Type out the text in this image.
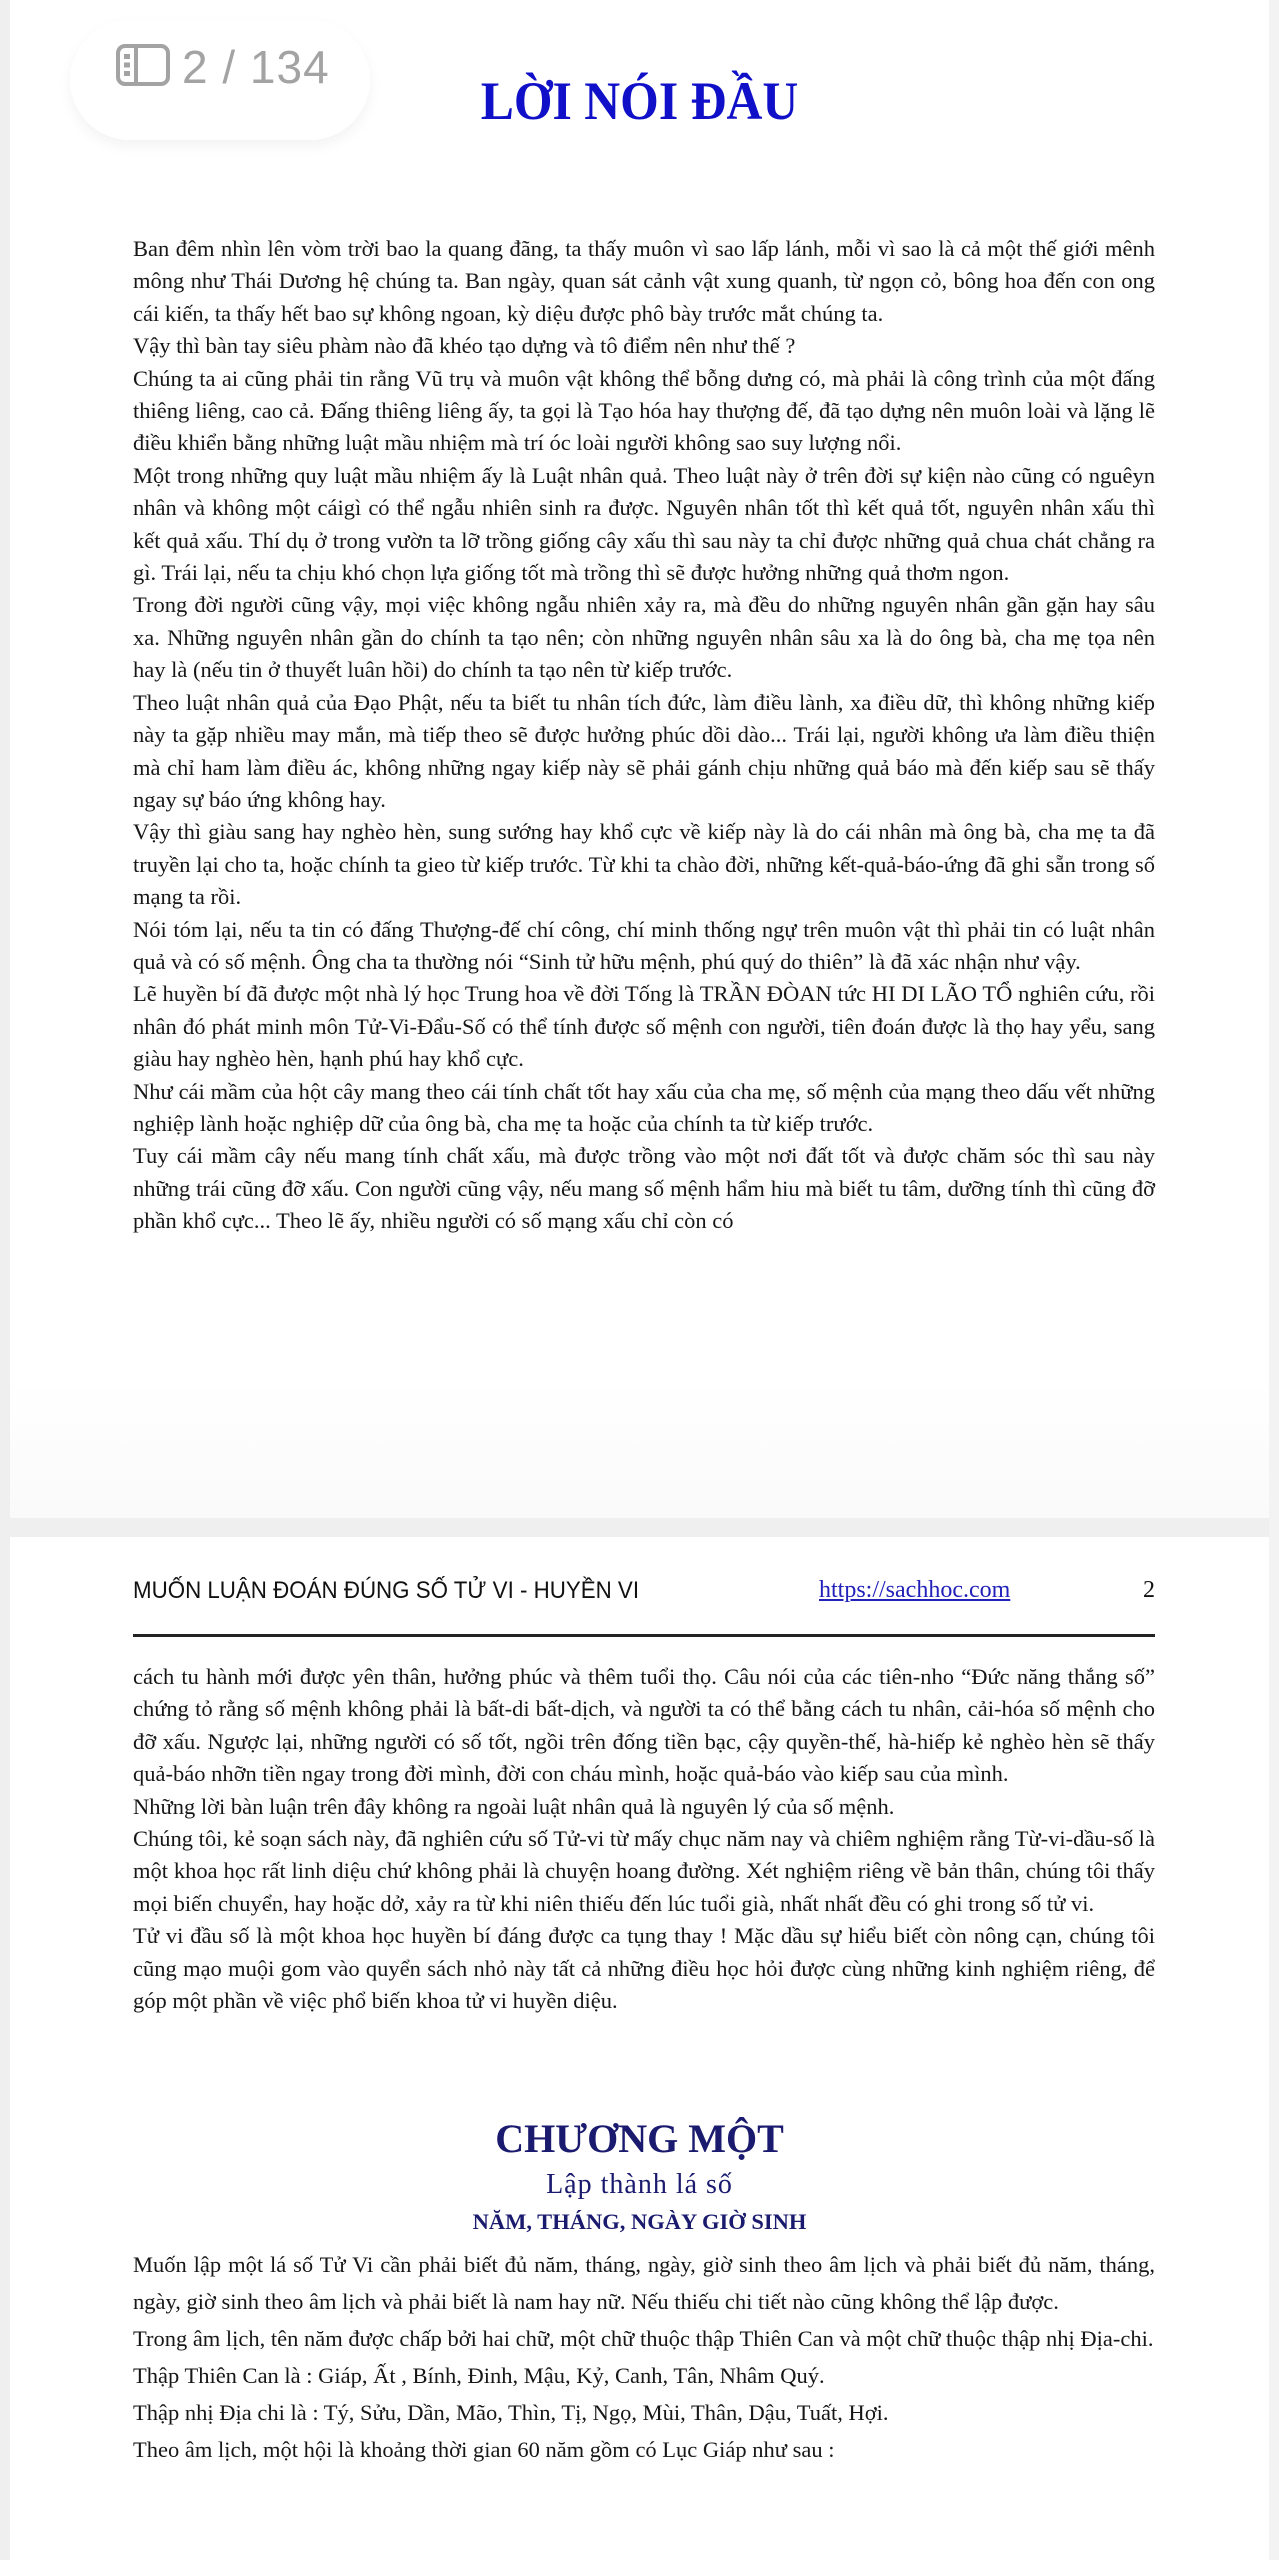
2 / 134
LỜI NÓI ĐẦU

Ban đêm nhìn lên vòm trời bao la quang đãng, ta thấy muôn vì sao lấp lánh, mỗi vì sao là cả một thế giới mênh mông như Thái Dương hệ chúng ta. Ban ngày, quan sát cảnh vật xung quanh, từ ngọn cỏ, bông hoa đến con ong cái kiến, ta thấy hết bao sự không ngoan, kỳ diệu được phô bày trước mắt chúng ta.

Vậy thì bàn tay siêu phàm nào đã khéo tạo dựng và tô điểm nên như thế ?

Chúng ta ai cũng phải tin rằng Vũ trụ và muôn vật không thể bỗng dưng có, mà phải là công trình của một đấng thiêng liêng, cao cả. Đấng thiêng liêng ấy, ta gọi là Tạo hóa hay thượng đế, đã tạo dựng nên muôn loài và lặng lẽ điều khiển bằng những luật mầu nhiệm mà trí óc loài người không sao suy lượng nổi.

Một trong những quy luật mầu nhiệm ấy là Luật nhân quả. Theo luật này ở trên đời sự kiện nào cũng có nguêyn nhân và không một cáigì có thể ngẫu nhiên sinh ra được. Nguyên nhân tốt thì kết quả tốt, nguyên nhân xấu thì kết quả xấu. Thí dụ ở trong vườn ta lỡ trồng giống cây xấu thì sau này ta chỉ được những quả chua chát chẳng ra gì. Trái lại, nếu ta chịu khó chọn lựa giống tốt mà trồng thì sẽ được hưởng những quả thơm ngon.

Trong đời người cũng vậy, mọi việc không ngẫu nhiên xảy ra, mà đều do những nguyên nhân gần gặn hay sâu xa. Những nguyên nhân gần do chính ta tạo nên; còn những nguyên nhân sâu xa là do ông bà, cha mẹ tọa nên hay là (nếu tin ở thuyết luân hồi) do chính ta tạo nên từ kiếp trước.

Theo luật nhân quả của Đạo Phật, nếu ta biết tu nhân tích đức, làm điều lành, xa điều dữ, thì không những kiếp này ta gặp nhiều may mắn, mà tiếp theo sẽ được hưởng phúc dồi dào... Trái lại, người không ưa làm điều thiện mà chỉ ham làm điều ác, không những ngay kiếp này sẽ phải gánh chịu những quả báo mà đến kiếp sau sẽ thấy ngay sự báo ứng không hay.

Vậy thì giàu sang hay nghèo hèn, sung sướng hay khổ cực về kiếp này là do cái nhân mà ông bà, cha mẹ ta đã truyền lại cho ta, hoặc chính ta gieo từ kiếp trước. Từ khi ta chào đời, những kết-quả-báo-ứng đã ghi sẵn trong số mạng ta rồi.

Nói tóm lại, nếu ta tin có đấng Thượng-đế chí công, chí minh thống ngự trên muôn vật thì phải tin có luật nhân quả và có số mệnh. Ông cha ta thường nói “Sinh tử hữu mệnh, phú quý do thiên” là đã xác nhận như vậy.

Lẽ huyền bí đã được một nhà lý học Trung hoa về đời Tống là TRẦN ĐÒAN tức HI DI LÃO TỔ nghiên cứu, rồi nhân đó phát minh môn Tử-Vi-Đẩu-Số có thể tính được số mệnh con người, tiên đoán được là thọ hay yểu, sang giàu hay nghèo hèn, hạnh phú hay khổ cực.

Như cái mầm của hột cây mang theo cái tính chất tốt hay xấu của cha mẹ, số mệnh của mạng theo dấu vết những nghiệp lành hoặc nghiệp dữ của ông bà, cha mẹ ta hoặc của chính ta từ kiếp trước.

Tuy cái mầm cây nếu mang tính chất xấu, mà được trồng vào một nơi đất tốt và được chăm sóc thì sau này những trái cũng đỡ xấu. Con người cũng vậy, nếu mang số mệnh hẩm hiu mà biết tu tâm, dưỡng tính thì cũng đỡ phần khổ cực... Theo lẽ ấy, nhiều người có số mạng xấu chỉ còn có

MUỐN LUẬN ĐOÁN ĐÚNG SỐ TỬ VI - HUYỀN VI	https://sachhoc.com	2

cách tu hành mới được yên thân, hưởng phúc và thêm tuổi thọ. Câu nói của các tiên-nho “Đức năng thắng số” chứng tỏ rằng số mệnh không phải là bất-di bất-dịch, và người ta có thể bằng cách tu nhân, cải-hóa số mệnh cho đỡ xấu. Ngược lại, những người có số tốt, ngồi trên đống tiền bạc, cậy quyền-thế, hà-hiếp kẻ nghèo hèn sẽ thấy quả-báo nhỡn tiền ngay trong đời mình, đời con cháu mình, hoặc quả-báo vào kiếp sau của mình.

Những lời bàn luận trên đây không ra ngoài luật nhân quả là nguyên lý của số mệnh.

Chúng tôi, kẻ soạn sách này, đã nghiên cứu số Tử-vi từ mấy chục năm nay và chiêm nghiệm rằng Từ-vi-dầu-số là một khoa học rất linh diệu chứ không phải là chuyện hoang đường. Xét nghiệm riêng về bản thân, chúng tôi thấy mọi biến chuyển, hay hoặc dở, xảy ra từ khi niên thiếu đến lúc tuổi già, nhất nhất đều có ghi trong số tử vi.

Tử vi đầu số là một khoa học huyền bí đáng được ca tụng thay ! Mặc dầu sự hiểu biết còn nông cạn, chúng tôi cũng mạo muội gom vào quyển sách nhỏ này tất cả những điều học hỏi được cùng những kinh nghiệm riêng, để góp một phần về việc phổ biến khoa tử vi huyền diệu.

CHƯƠNG MỘT
Lập thành lá số
NĂM, THÁNG, NGÀY GIỜ SINH

Muốn lập một lá số Tử Vi cần phải biết đủ năm, tháng, ngày, giờ sinh theo âm lịch và phải biết đủ năm, tháng, ngày, giờ sinh theo âm lịch và phải biết là nam hay nữ. Nếu thiếu chi tiết nào cũng không thể lập được.

Trong âm lịch, tên năm được chấp bởi hai chữ, một chữ thuộc thập Thiên Can và một chữ thuộc thập nhị Địa-chi.

Thập Thiên Can là : Giáp, Ất , Bính, Đinh, Mậu, Kỷ, Canh, Tân, Nhâm Quý.

Thập nhị Địa chi là : Tý, Sửu, Dần, Mão, Thìn, Tị, Ngọ, Mùi, Thân, Dậu, Tuất, Hợi.

Theo âm lịch, một hội là khoảng thời gian 60 năm gồm có Lục Giáp như sau :
